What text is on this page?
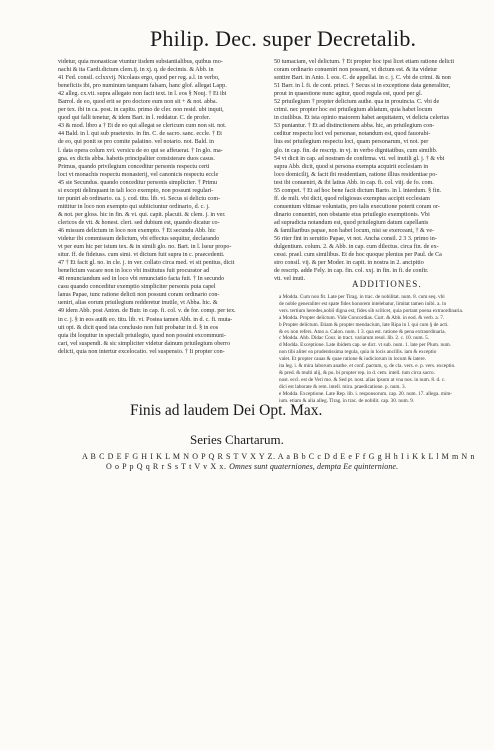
Philip. Dec. super Decretalib.
videtur, quia monasticae vtuntur iisdem substantialibus, quibus mo-
nachi & ita Cardi.dictum clem.ij. in xj. q. de decimis. & Abb. in
41 Fed. consil. cclxxvij. Nicolaus ergo, quod per reg. a.l. in verbo,
beneficiis ibi, pro numinum tanquam falsam, hanc glof. allegat Lapp.
42 alleg. cx.vii. supra allegato non facit text. in l. eos § Nouj. † Et ibi
Barrol. de eo, quod erit se pro doctore eum non sit + & not. abba.
per tex. ibi in ca. post. in capitu. primo de cler. non resid. ubi inquit,
quod qui falli tenetur, & idem Bart. in l. reddatur. C. de profer.
43 & mod. libro a † Et de eo qui allegat se clericum cum non sit. not.
44 Bald. in l. qui sub praetexto. in fin. C. de sacro. sanc. eccle. † Et
de eo, qui ponit se pro comite palatino. vel notario. not. Bald. in
l. data opera colum xvi. versicu de eo qui se affeuerat. † In glo. ma-
gna. ex dictis abba. habetis principaliter consisterare duos casus.
Primus, quando privilegium conceditur personis respectu certi
loci vt monachis respectu monasterij, vel canonicis respectu eccle
45 sie Secundus. quando conceditur personis simpliciter. † Primu
si excepti delinquant in tali loco exempto, non possunt regulari-
ter puniri ab ordinario. ca. j. cod. titu. lib. vi. Secus si delictu com-
mittitur in loco non exempto qui subiiciuntur ordinario, d. c. j.
& not. per gloss. hic in fin. & vi. qui. capit. placuit. & clem. j. in ver.
clericos de vit. & honest. cleri. sed dubium est, quando dicatur co-
46 missum delictum in loco non exempto. † Et secundu Abb. hic
videtur ibi commissum delictum, vbi effectus sequitur, declarando
vt per eum hic per istum tex. & in simili glo. no. Bart. in l. lseur propo-
situr. ff. de fideiuss. cum simi. vt dictum fuit supra in c. praecedenti.
47 † Et facit gl. no. in cle. j. in ver. collato circa med. vt sit penitus, dicit
beneficium vacare non in loco vbi institutus fuit procurator ad
48 renunciandum sed in loco vbi renunciatio facta fuit. † In secundo
casu quando conceditur exemptio simpliciter personis puta capel
lanus Papae, tunc ratione delicti non possunt coram ordinario con-
ueniri, alias eorum priuilegium redderetur inutile, vt Abba. hic. &
49 idem Abb. post Anton. de Butr. in cap. fi. col. v. de for. comp. per tex.
in c. j. § in eos aut& eo. titu. lib. vi. Postea tamen Abb. in d. c. fi. muta-
uit opi. & dicit quod ista conclusio non fuit probatur in d. § in eos
quia ibi loquitur in speciali priuilegio, quod non possint excommuni-
cari, vel suspendi. & sic simpliciter videtur dainum priuilegium oberro
delicti, quia non intertur excelocatio. vel suspensio. † Ii propter con-
50 tumaciam, vel delictum. † Et propter hoc ipsi licet etiam ratione delicti
coram ordinario conueniri non possunt, vt dictum est. & ita videtur
sentire Bart. in Anto. l. eos. C. de appellat. in c. j. C. vbi de crimi. & non
51 Barr. in l. fi. de cont. princi. † Secus si in exceptione data generaliter,
prout in quaestione nunc agitur, quod regula est, quod per gl.
52 priuilegium † propter delictum authe. qua in prouincia. C. vbi de
crimi. nec propter hoc est priuilegium ablatum, quia habet locum
in ciuilibus. Et ista opinio maiorem habet aequitatem, vt delicta celerius
53 puniantur. † Et ad distinctionem abba. hic, an priuilegium con-
ceditur respectu loci vel personae, notandum est, quod fauorabi-
lius est priuilegium respectu loci, quam personarum, vt not. per
glo. in cap. fin. de rescrip. in vj. in verbo dignitatibus, cum similib.
54 vt dicit in cap. ad nostram de confirma. vti. vel inutili gl. j. † & vbi
supra Abb. dicit, quod si persona exempta acquirit ecclesiam in
loco domicilij, & facit ibi residentiam, ratione illius residentiae po-
test ibi conueniri, & ibi latius Abb. in cap. fi. col. viij. de fo. com.
55 compet. † Et ad hoc bene facit dictum Barto. in l. interdum. § fin.
ff. de mili. vbi dicit, quod religiosus exemptus accipit ecclesiam
conuentum vltimae voluntatis, pro talis executione poterit coram or-
dinario conueniri, non obstante eius priuilegio exemptionis. Vbi
ad supradicta notandum est, quod priuilegium datum capellanis
& familiaribus papae, non habet locum, nisi se exerceant, † & ve-
56 riter fint in seruitio Papae, vt not. Ancha consil. 2 3 3. primo in-
dulgentium. colum. 2. & Abb. in cap. cum dilectus. circa fin. de ex-
cessi. prael. cum similibus. Et de hoc quoque plenius per Paul. de Ca
stro consil. vij. & per Moder. in capit. in nostra in 2. ancipitio
de rescrip. adde Fely. in cap. fin. col. xxj. in fin. in fi. de confir.
vti. vel inuti.	ADDITIONES.
a Modda. Cum non fit. Late per Tirag. in trac. de nobilitat. num. 8. cum seq. vbi
de noble generaliter est spate fides honorem intelebatur, limitat tamen inibi. a. in
vers. tertium heredes,nobil digna est, fides sib scilicet, quia portant poena extraordinaria.
a Modda. Propter delictum. Vide Concordias. Curt. & Abb. in eod. & verb. a. 7.
b Propter delictum. Etiam & propter mendacium, late Ripa in l. qui cum § de acti.
& ex non refers. Amo a. Calon. num. 1 3. qua est. ratione & pena extraordinaria.
c Modda. Abb. Didac Cour. in tract. variarum resol. lib. 2. c. 10. num. 5.
d Modda. Exceptione. Late ibidem cap. se dict. vt sub. num. 1. late per Plum. num.
non tibi aliter ea prudentissima regula, quia in locis ancillis. iam & exceptio
valet. Et propter cauas & quae ratione & iudiciorum in locum & latere.
ita leg. i. & mira laborum anathe. et conf. pactum, q. de cla. vers. e. p. vers. exceptio.
& pred. & multi alij, & pu. bi propter rep. in d. cem. intell. tum circa sacro.
nost. eccl. est de Veri mo. & Sed pt. nost. alias ipsum at vna nos. in num. 8. d. c.
dici est laborate & rem. intell. mira. praedicatione. p. num. 3.
e Modda. Exceptione. Late Rep. lib. i. responsorum. cap. 20. num. 17. allega. mim-
ium. etiam & alia alleg. Tirag. in trac. de nobilit. cap. 30. num. 9.
Finis ad laudem Dei Opt. Max.
Series Chartarum.
A B C D E F G H I K L M N O P Q R S T V X Y Z. A a B b C c D d E e F f G g H h I i K k L l M m N n
O o P p Q q R r S s T t V v X x. Omnes sunt quaterniones, dempta Ee quinternione.
